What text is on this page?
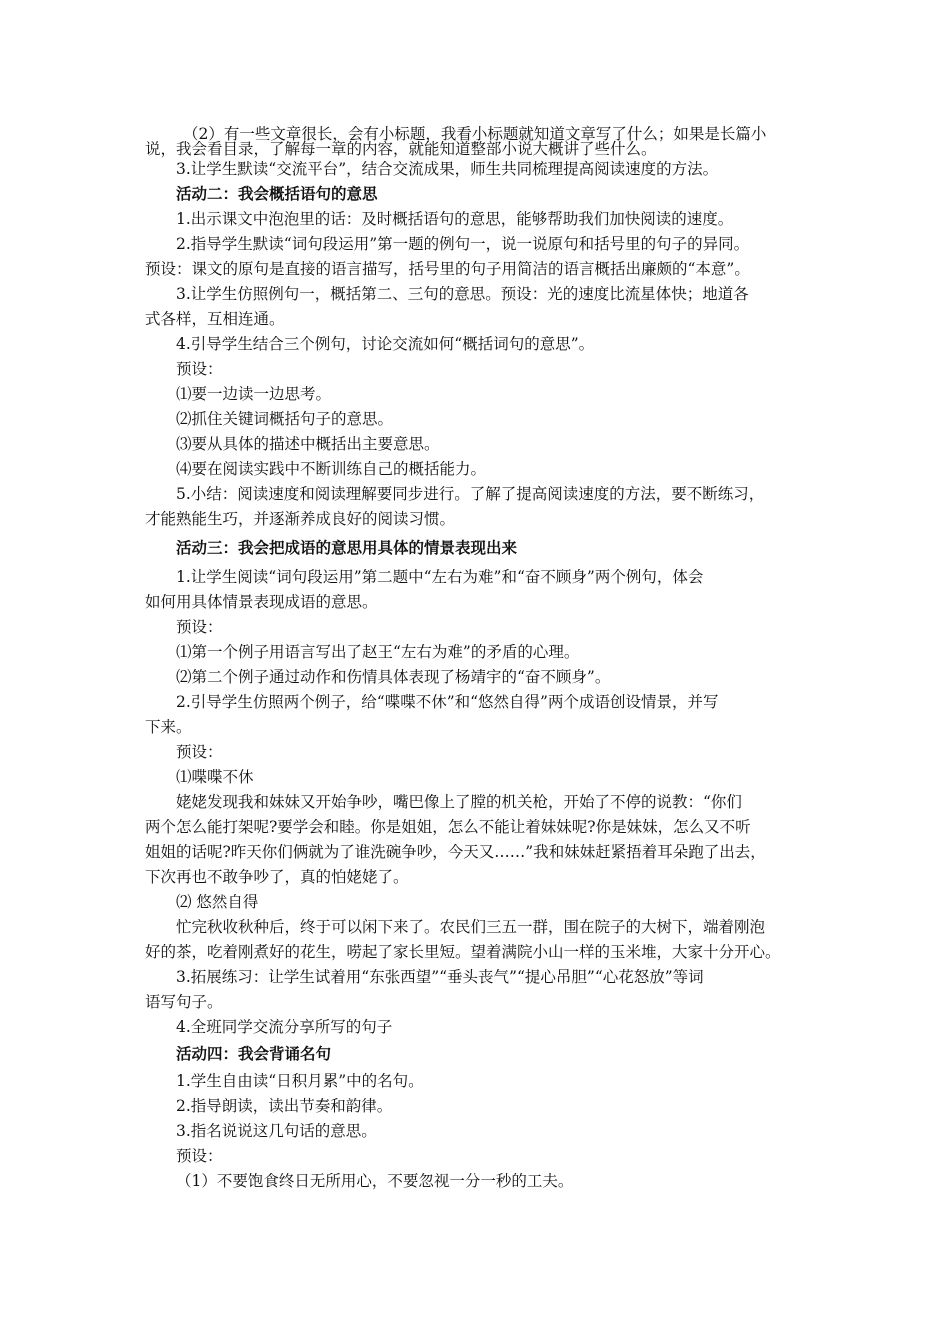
（2）有一些文章很长，会有小标题，我看小标题就知道文章写了什么；如果是长篇小
说，我会看目录，了解每一章的内容，就能知道整部小说大概讲了些什么。
3.让学生默读“交流平台”，结合交流成果，师生共同梳理提高阅读速度的方法。
活动二：我会概括语句的意思
1.出示课文中泡泡里的话：及时概括语句的意思，能够帮助我们加快阅读的速度。
2.指导学生默读“词句段运用”第一题的例句一，说一说原句和括号里的句子的异同。
预设：课文的原句是直接的语言描写，括号里的句子用简洁的语言概括出廉颇的“本意”。
3.让学生仿照例句一，概括第二、三句的意思。预设：光的速度比流星体快；地道各
式各样，互相连通。
4.引导学生结合三个例句，讨论交流如何“概括词句的意思”。
预设：
⑴要一边读一边思考。
⑵抓住关键词概括句子的意思。
⑶要从具体的描述中概括出主要意思。
⑷要在阅读实践中不断训练自己的概括能力。
5.小结：阅读速度和阅读理解要同步进行。了解了提高阅读速度的方法，要不断练习，
才能熟能生巧，并逐渐养成良好的阅读习惯。
活动三：我会把成语的意思用具体的情景表现出来
1.让学生阅读“词句段运用”第二题中“左右为难”和“奋不顾身”两个例句，体会
如何用具体情景表现成语的意思。
预设：
⑴第一个例子用语言写出了赵王“左右为难”的矛盾的心理。
⑵第二个例子通过动作和伤情具体表现了杨靖宇的“奋不顾身”。
2.引导学生仿照两个例子，给“喋喋不休”和“悠然自得”两个成语创设情景，并写
下来。
预设：
⑴喋喋不休
姥姥发现我和妹妹又开始争吵，嘴巴像上了膛的机关枪，开始了不停的说教：“你们
两个怎么能打架呢?要学会和睦。你是姐姐，怎么不能让着妹妹呢?你是妹妹，怎么又不听
姐姐的话呢?昨天你们俩就为了谁洗碗争吵，今天又……”我和妹妹赶紧捂着耳朵跑了出去，
下次再也不敢争吵了，真的怕姥姥了。
⑵ 悠然自得
忙完秋收秋种后，终于可以闲下来了。农民们三五一群，围在院子的大树下，端着刚泡
好的茶，吃着刚煮好的花生，唠起了家长里短。望着满院小山一样的玉米堆，大家十分开心。
3.拓展练习：让学生试着用“东张西望”“垂头丧气”“提心吊胆”“心花怒放”等词
语写句子。
4.全班同学交流分享所写的句子
活动四：我会背诵名句
1.学生自由读“日积月累”中的名句。
2.指导朗读，读出节奏和韵律。
3.指名说说这几句话的意思。
预设：
（1）不要饱食终日无所用心，不要忽视一分一秒的工夫。
